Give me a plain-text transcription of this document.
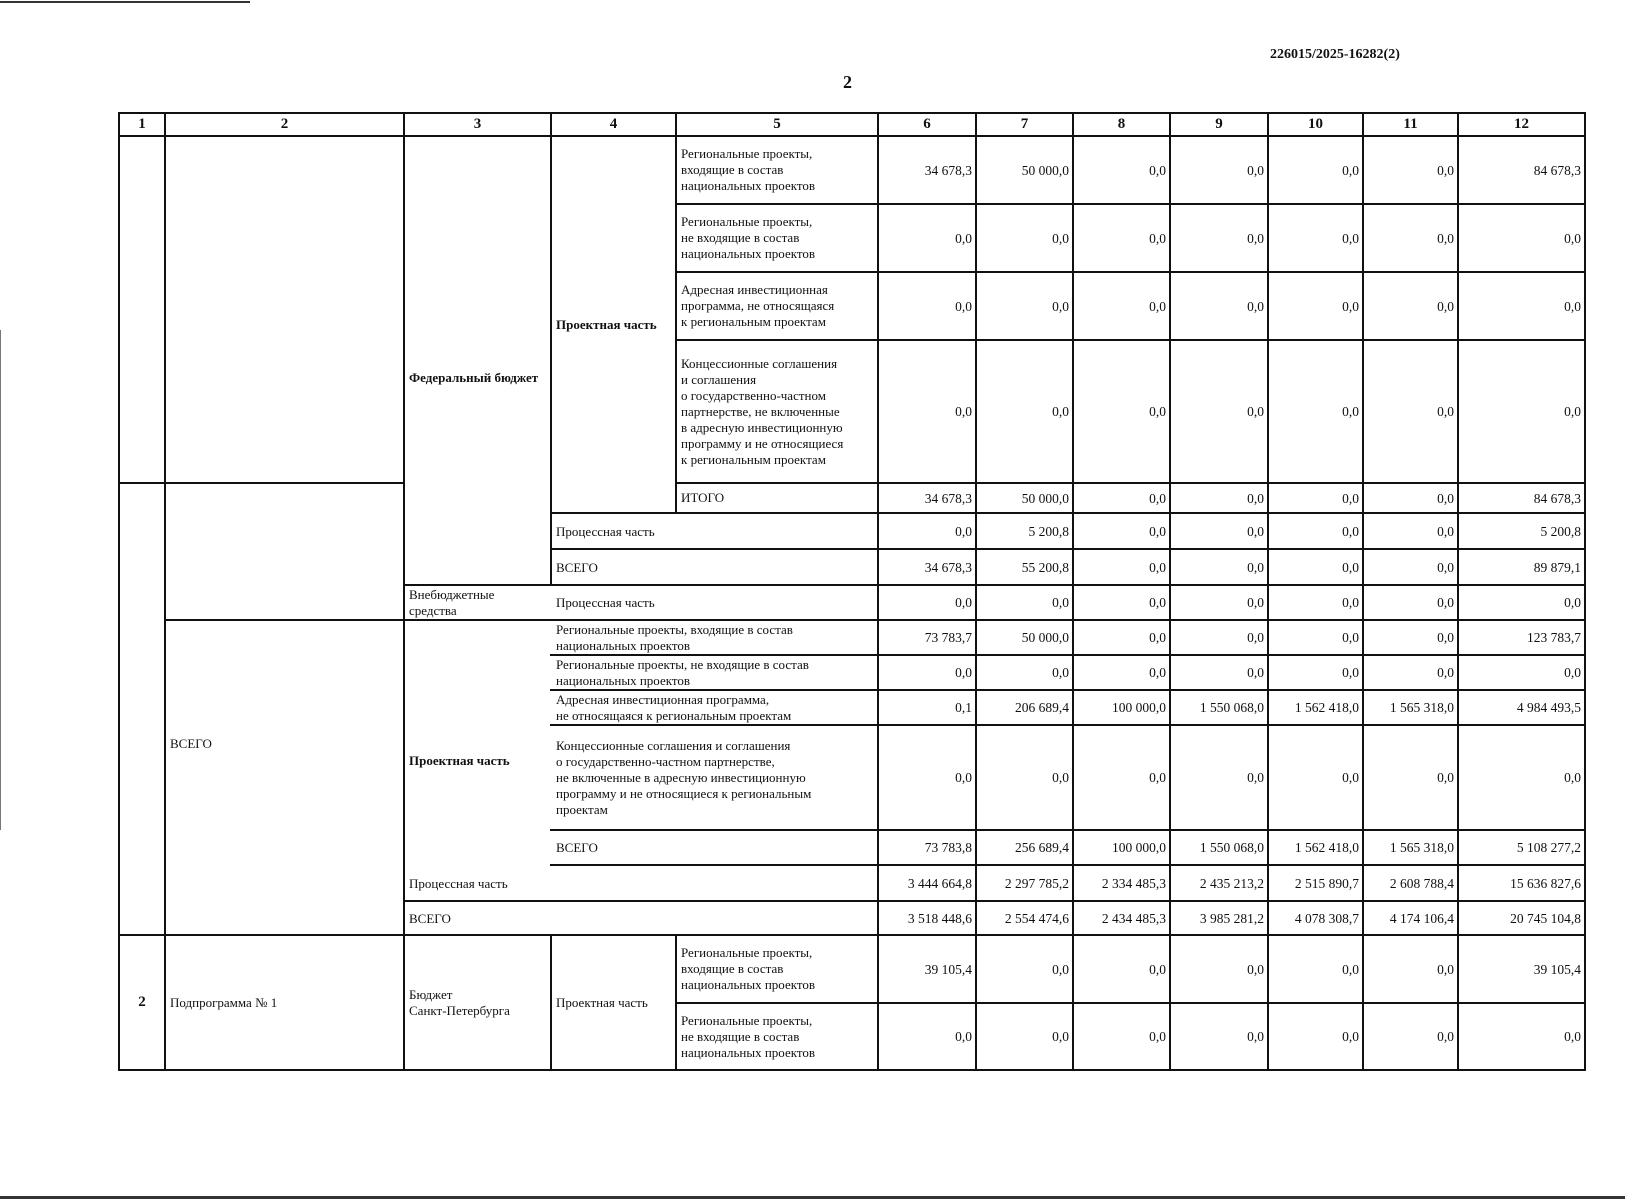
226015/2025-16282(2)
2
1	2	3	4	5	6	7	8	9	10	11	12
Федеральный бюджет
Проектная часть
Региональные проекты,
входящие в состав
национальных проектов
34 678,3	50 000,0	0,0	0,0	0,0	0,0	84 678,3
Региональные проекты,
не входящие в состав
национальных проектов
0,0	0,0	0,0	0,0	0,0	0,0	0,0
Адресная инвестиционная
программа, не относящаяся
к региональным проектам
0,0	0,0	0,0	0,0	0,0	0,0	0,0
Концессионные соглашения
и соглашения
о государственно-частном
партнерстве, не включенные
в адресную инвестиционную
программу и не относящиеся
к региональным проектам
0,0	0,0	0,0	0,0	0,0	0,0	0,0
ИТОГО	34 678,3	50 000,0	0,0	0,0	0,0	0,0	84 678,3
Процессная часть	0,0	5 200,8	0,0	0,0	0,0	0,0	5 200,8
ВСЕГО	34 678,3	55 200,8	0,0	0,0	0,0	0,0	89 879,1
Внебюджетные
средства	Процессная часть	0,0	0,0	0,0	0,0	0,0	0,0	0,0
ВСЕГО
Проектная часть
Региональные проекты, входящие в состав
национальных проектов	73 783,7	50 000,0	0,0	0,0	0,0	0,0	123 783,7
Региональные проекты, не входящие в состав
национальных проектов	0,0	0,0	0,0	0,0	0,0	0,0	0,0
Адресная инвестиционная программа,
не относящаяся к региональным проектам	0,1	206 689,4	100 000,0	1 550 068,0	1 562 418,0	1 565 318,0	4 984 493,5
Концессионные соглашения и соглашения
о государственно-частном партнерстве,
не включенные в адресную инвестиционную
программу и не относящиеся к региональным
проектам
0,0	0,0	0,0	0,0	0,0	0,0	0,0
ВСЕГО	73 783,8	256 689,4	100 000,0	1 550 068,0	1 562 418,0	1 565 318,0	5 108 277,2
Процессная часть	3 444 664,8	2 297 785,2	2 334 485,3	2 435 213,2	2 515 890,7	2 608 788,4	15 636 827,6
ВСЕГО	3 518 448,6	2 554 474,6	2 434 485,3	3 985 281,2	4 078 308,7	4 174 106,4	20 745 104,8
2	Подпрограмма № 1
Бюджет
Санкт-Петербурга	Проектная часть
Региональные проекты,
входящие в состав
национальных проектов
39 105,4	0,0	0,0	0,0	0,0	0,0	39 105,4
Региональные проекты,
не входящие в состав
национальных проектов
0,0	0,0	0,0	0,0	0,0	0,0	0,0
